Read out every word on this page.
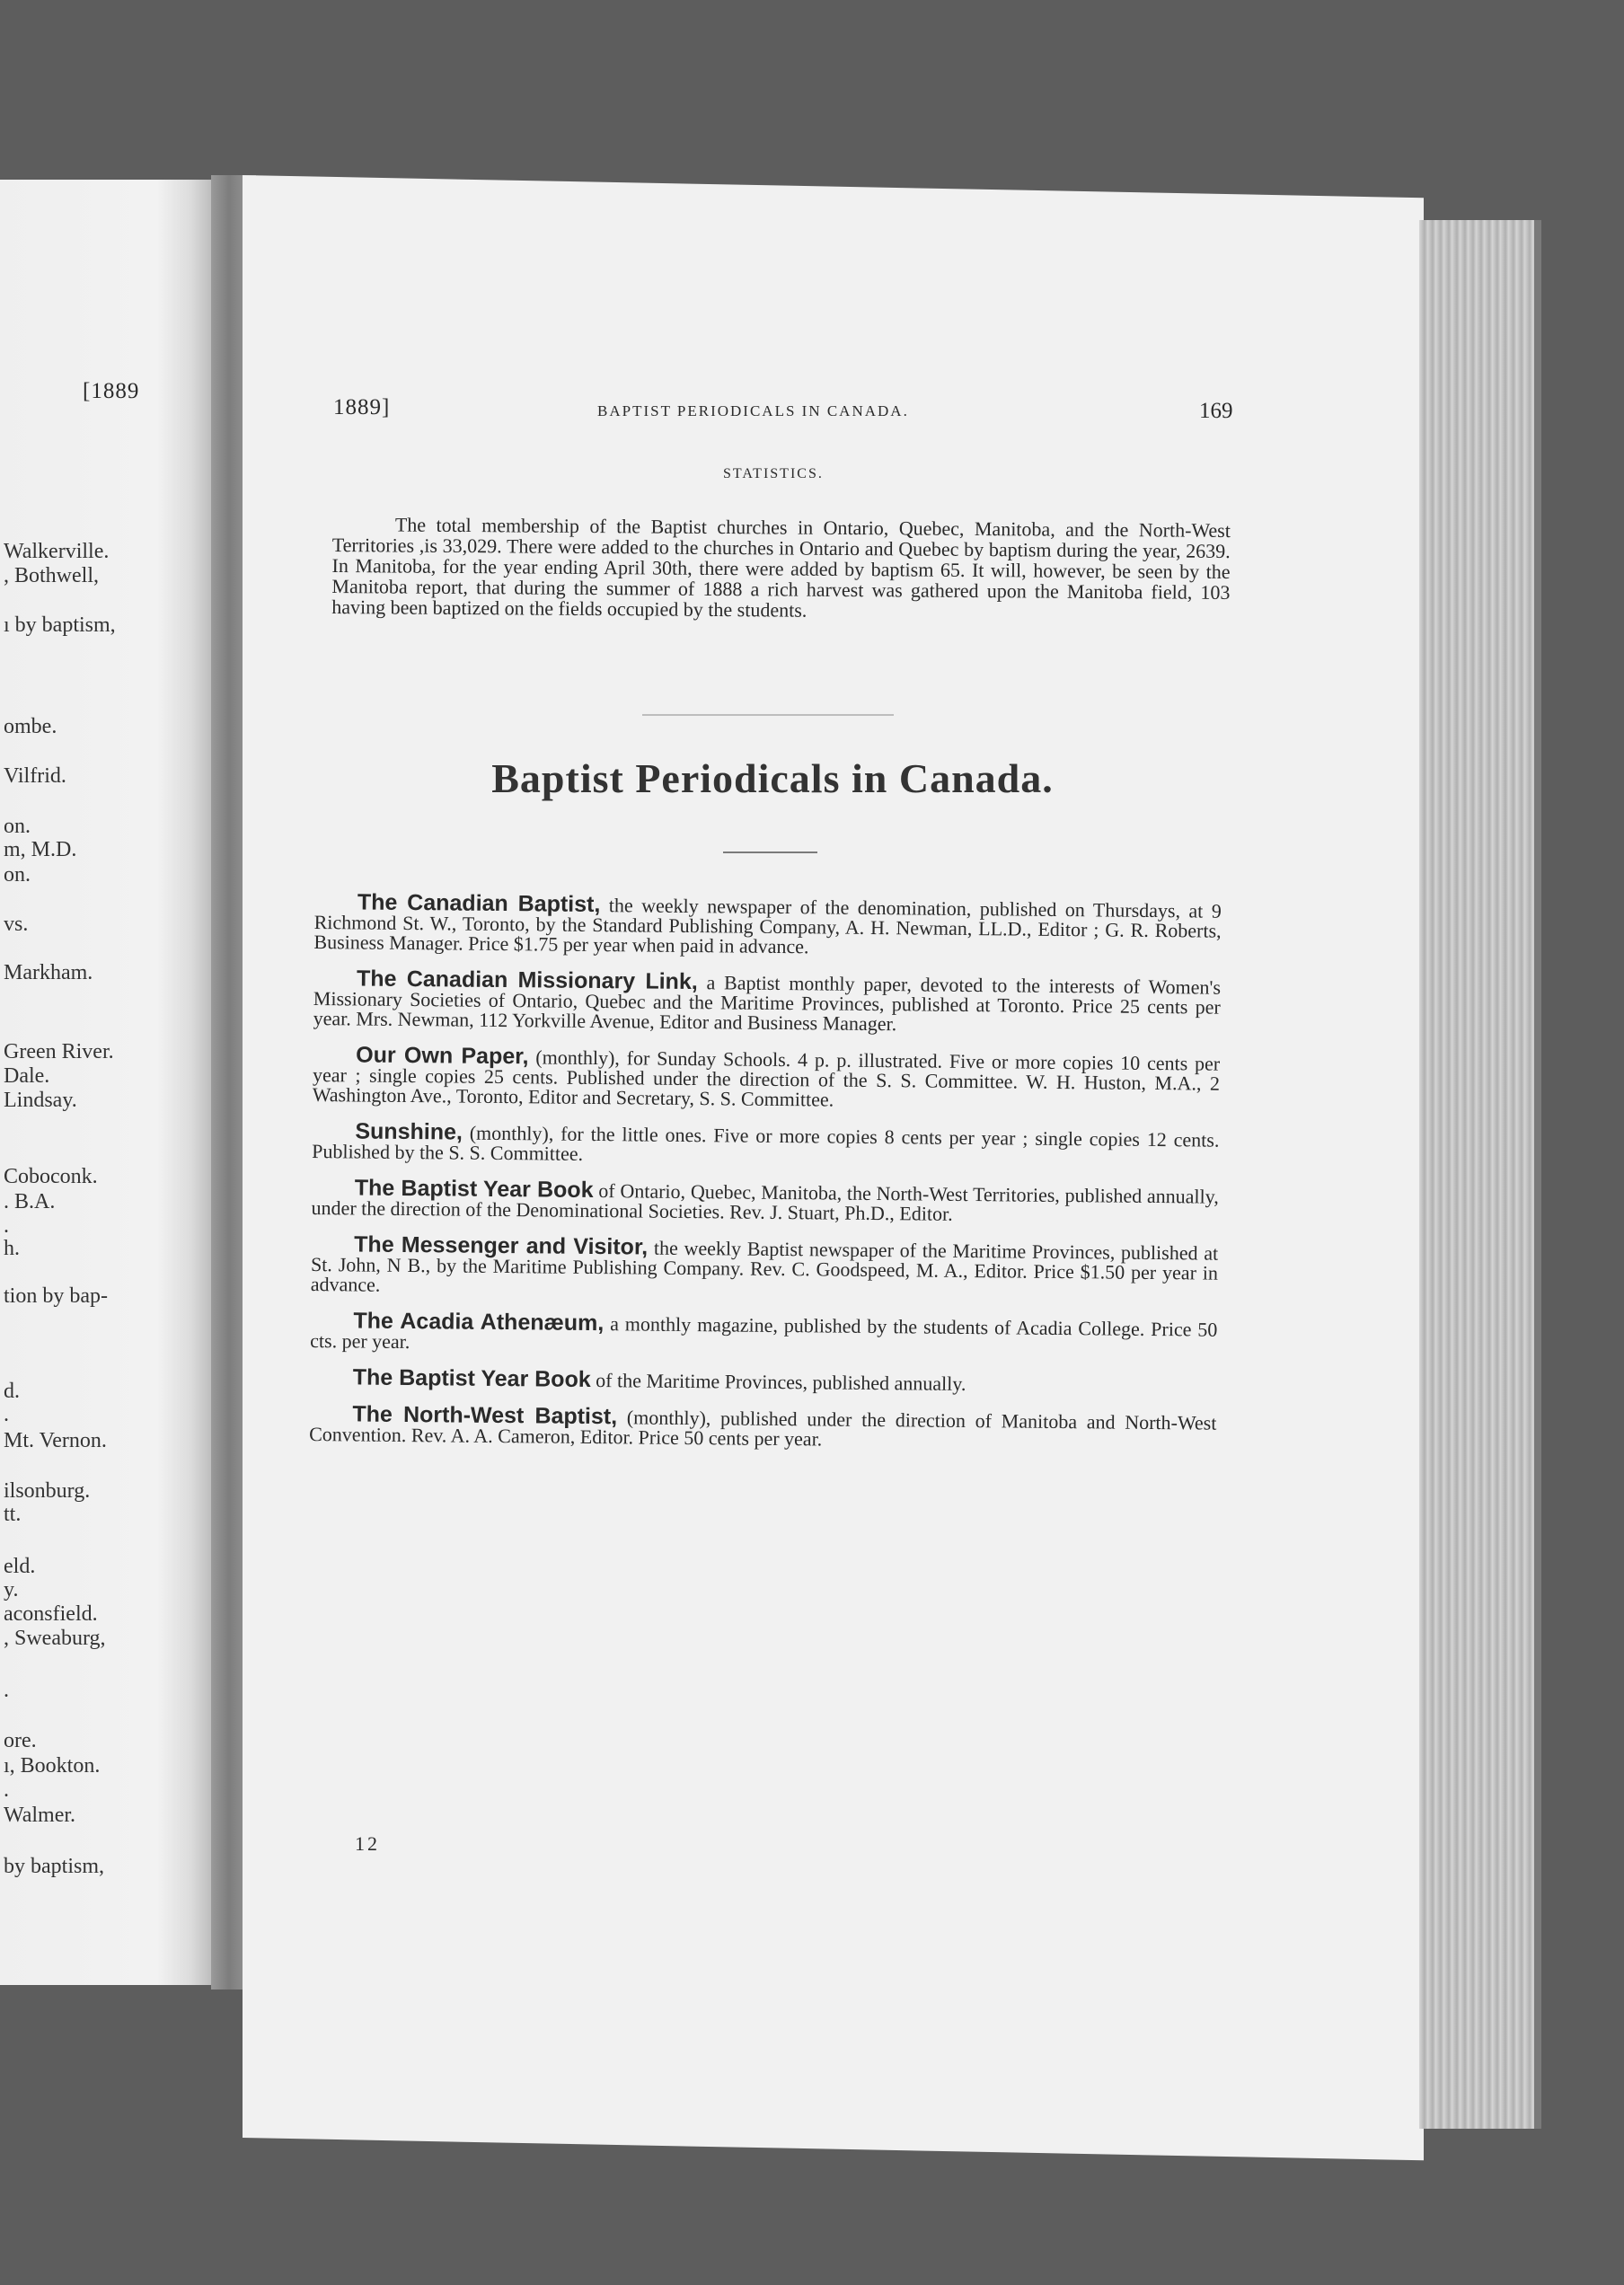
[1889
Walkerville.
, Bothwell,
ı by baptism,
ombe.
Vilfrid.
on.
m, M.D.
on.
vs.
Markham.
Green River.
Dale.
Lindsay.
Coboconk.
. B.A.
.
h.
tion by bap-
d.
.
Mt. Vernon.
ilsonburg.
tt.
eld.
y.
aconsfield.
, Sweaburg,
.
ore.
ı, Bookton.
.
Walmer.
by baptism,
1889]	BAPTIST PERIODICALS IN CANADA.	169
STATISTICS.
The total membership of the Baptist churches in Ontario, Quebec, Manitoba, and the North-West Territories ,is 33,029. There were added to the churches in Ontario and Quebec by baptism during the year, 2639. In Manitoba, for the year ending April 30th, there were added by baptism 65. It will, however, be seen by the Manitoba report, that during the summer of 1888 a rich harvest was gathered upon the Manitoba field, 103 having been baptized on the fields occupied by the students.
Baptist Periodicals in Canada.

The Canadian Baptist, the weekly newspaper of the denomination, published on Thursdays, at 9 Richmond St. W., Toronto, by the Standard Publishing Company, A. H. Newman, LL.D., Editor ; G. R. Roberts, Business Manager. Price $1.75 per year when paid in advance.

The Canadian Missionary Link, a Baptist monthly paper, devoted to the interests of Women's Missionary Societies of Ontario, Quebec and the Maritime Provinces, published at Toronto. Price 25 cents per year. Mrs. Newman, 112 Yorkville Avenue, Editor and Business Manager.

Our Own Paper, (monthly), for Sunday Schools. 4 p. p. illustrated. Five or more copies 10 cents per year ; single copies 25 cents. Published under the direction of the S. S. Committee. W. H. Huston, M.A., 2 Washington Ave., Toronto, Editor and Secretary, S. S. Committee.

Sunshine, (monthly), for the little ones. Five or more copies 8 cents per year ; single copies 12 cents. Published by the S. S. Committee.

The Baptist Year Book of Ontario, Quebec, Manitoba, the North-West Territories, published annually, under the direction of the Denominational Societies. Rev. J. Stuart, Ph.D., Editor.

The Messenger and Visitor, the weekly Baptist newspaper of the Maritime Provinces, published at St. John, N B., by the Maritime Publishing Company. Rev. C. Goodspeed, M. A., Editor. Price $1.50 per year in advance.

The Acadia Athenæum, a monthly magazine, published by the students of Acadia College. Price 50 cts. per year.

The Baptist Year Book of the Maritime Provinces, published annually.

The North-West Baptist, (monthly), published under the direction of Manitoba and North-West Convention. Rev. A. A. Cameron, Editor. Price 50 cents per year.

12
